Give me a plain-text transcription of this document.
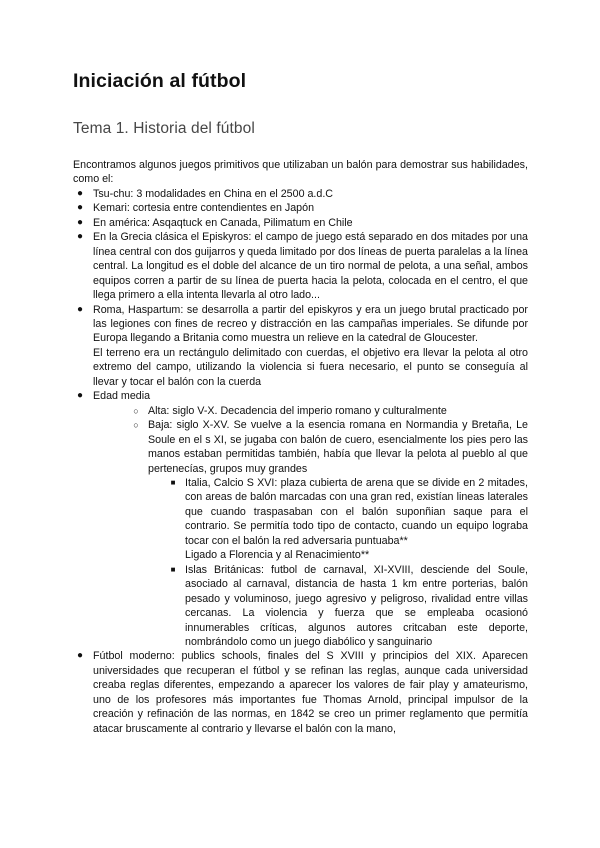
Iniciación al fútbol
Tema 1. Historia del fútbol

Encontramos algunos juegos primitivos que utilizaban un balón para demostrar sus habilidades, como el:

● Tsu-chu: 3 modalidades en China en el 2500 a.d.C
● Kemari: cortesia entre contendientes en Japón
● En américa: Asqaqtuck en Canada, Pilimatum en Chile
● En la Grecia clásica el Episkyros: el campo de juego está separado en dos mitades por una línea central con dos guijarros y queda limitado por dos líneas de puerta paralelas a la línea central. La longitud es el doble del alcance de un tiro normal de pelota, a una señal, ambos equipos corren a partir de su línea de puerta hacia la pelota, colocada en el centro, el que llega primero a ella intenta llevarla al otro lado...
● Roma, Haspartum: se desarrolla a partir del episkyros y era un juego brutal practicado por las legiones con fines de recreo y distracción en las campañas imperiales. Se difunde por Europa llegando a Britania como muestra un relieve en la catedral de Gloucester.
El terreno era un rectángulo delimitado con cuerdas, el objetivo era llevar la pelota al otro extremo del campo, utilizando la violencia si fuera necesario, el punto se conseguía al llevar y tocar el balón con la cuerda
● Edad media
○ Alta: siglo V-X. Decadencia del imperio romano y culturalmente
○ Baja: siglo X-XV. Se vuelve a la esencia romana en Normandia y Bretaña, Le Soule en el s XI, se jugaba con balón de cuero, esencialmente los pies pero las manos estaban permitidas también, había que llevar la pelota al pueblo al que pertenecías, grupos muy grandes
■ Italia, Calcio S XVI: plaza cubierta de arena que se divide en 2 mitades, con areas de balón marcadas con una gran red, existían lineas laterales que cuando traspasaban con el balón suponñian saque para el contrario. Se permitía todo tipo de contacto, cuando un equipo lograba tocar con el balón la red adversaria puntuaba**
Ligado a Florencia y al Renacimiento**
■ Islas Británicas: futbol de carnaval, XI-XVIII, desciende del Soule, asociado al carnaval, distancia de hasta 1 km entre porterias, balón pesado y voluminoso, juego agresivo y peligroso, rivalidad entre villas cercanas. La violencia y fuerza que se empleaba ocasionó innumerables críticas, algunos autores critcaban este deporte, nombrándolo como un juego diabólico y sanguinario
● Fútbol moderno: publics schools, finales del S XVIII y principios del XIX. Aparecen universidades que recuperan el fútbol y se refinan las reglas, aunque cada universidad creaba reglas diferentes, empezando a aparecer los valores de fair play y amateurismo, uno de los profesores más importantes fue Thomas Arnold, principal impulsor de la creación y refinación de las normas, en 1842 se creo un primer reglamento que permitía atacar bruscamente al contrario y llevarse el balón con la mano,
